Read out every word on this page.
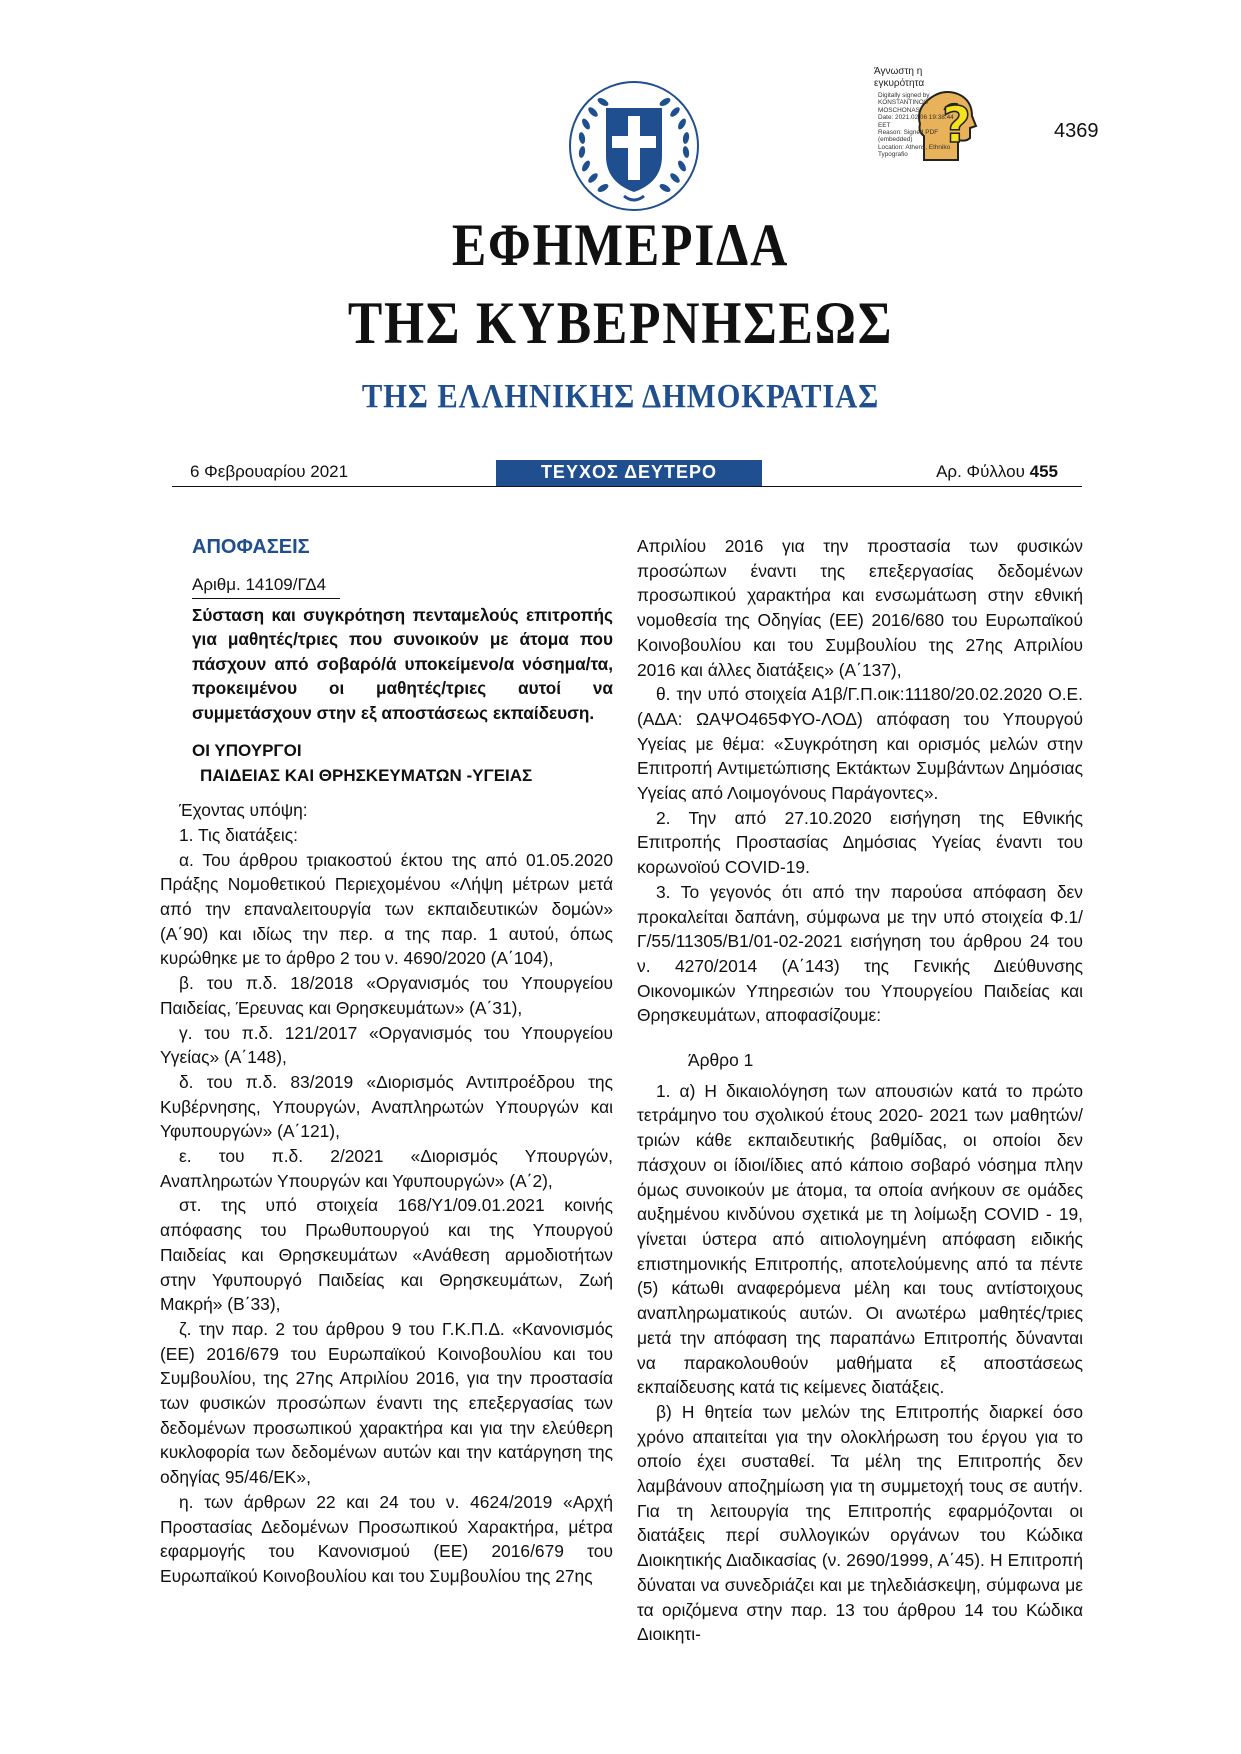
?
Άγνωστη η εγκυρότητα
Digitally signed by
KONSTANTINOS
MOSCHONAS
Date: 2021.02.06 19:38:44
EET
Reason: Signed PDF
(embedded)
Location: Athens, Ethniko
Typografio
4369
ΕΦΗΜΕΡΙΔΑ
ΤΗΣ ΚΥΒΕΡΝΗΣΕΩΣ
ΤΗΣ ΕΛΛΗΝΙΚΗΣ ΔΗΜΟΚΡΑΤΙΑΣ
6 Φεβρουαρίου 2021	ΤΕΥΧΟΣ ΔΕΥΤΕΡΟ	Αρ. Φύλλου 455
ΑΠΟΦΑΣΕΙΣ
Αριθμ. 14109/ΓΔ4
Σύσταση και συγκρότηση πενταμελούς επιτροπής για μαθητές/τριες που συνοικούν με άτομα που πάσχουν από σοβαρό/ά υποκείμενο/α νόσημα/τα, προκειμένου οι μαθητές/τριες αυτοί να συμμετάσχουν στην εξ αποστάσεως εκπαίδευση.
ΟΙ ΥΠΟΥΡΓΟΙ
ΠΑΙΔΕΙΑΣ ΚΑΙ ΘΡΗΣΚΕΥΜΑΤΩΝ -ΥΓΕΙΑΣ

Έχοντας υπόψη:

1. Τις διατάξεις:

α. Του άρθρου τριακοστού έκτου της από 01.05.2020 Πράξης Νομοθετικού Περιεχομένου «Λήψη μέτρων μετά από την επαναλειτουργία των εκπαιδευτικών δομών» (Α΄90) και ιδίως την περ. α της παρ. 1 αυτού, όπως κυρώθηκε με το άρθρο 2 του ν. 4690/2020 (Α΄104),

β. του π.δ. 18/2018 «Οργανισμός του Υπουργείου Παιδείας, Έρευνας και Θρησκευμάτων» (Α΄31),

γ. του π.δ. 121/2017 «Οργανισμός του Υπουργείου Υγείας» (Α΄148),

δ. του π.δ. 83/2019 «Διορισμός Αντιπροέδρου της Κυβέρνησης, Υπουργών, Αναπληρωτών Υπουργών και Υφυπουργών» (Α΄121),

ε. του π.δ. 2/2021 «Διορισμός Υπουργών, Αναπληρωτών Υπουργών και Υφυπουργών» (Α΄2),

στ. της υπό στοιχεία 168/Υ1/09.01.2021 κοινής απόφασης του Πρωθυπουργού και της Υπουργού Παιδείας και Θρησκευμάτων «Ανάθεση αρμοδιοτήτων στην Υφυπουργό Παιδείας και Θρησκευμάτων, Ζωή Μακρή» (Β΄33),

ζ. την παρ. 2 του άρθρου 9 του Γ.Κ.Π.Δ. «Κανονισμός (ΕΕ) 2016/679 του Ευρωπαϊκού Κοινοβουλίου και του Συμβουλίου, της 27ης Απριλίου 2016, για την προστασία των φυσικών προσώπων έναντι της επεξεργασίας των δεδομένων προσωπικού χαρακτήρα και για την ελεύθερη κυκλοφορία των δεδομένων αυτών και την κατάργηση της οδηγίας 95/46/ΕΚ»,

η. των άρθρων 22 και 24 του ν. 4624/2019 «Αρχή Προστασίας Δεδομένων Προσωπικού Χαρακτήρα, μέτρα εφαρμογής του Κανονισμού (ΕΕ) 2016/679 του Ευρωπαϊκού Κοινοβουλίου και του Συμβουλίου της 27ης

Απριλίου 2016 για την προστασία των φυσικών προσώπων έναντι της επεξεργασίας δεδομένων προσωπικού χαρακτήρα και ενσωμάτωση στην εθνική νομοθεσία της Οδηγίας (ΕΕ) 2016/680 του Ευρωπαϊκού Κοινοβουλίου και του Συμβουλίου της 27ης Απριλίου 2016 και άλλες διατάξεις» (Α΄137),

θ. την υπό στοιχεία Α1β/Γ.Π.οικ:11180/20.02.2020 Ο.Ε. (ΑΔΑ: ΩΑΨΟ465ΦΥΟ-ΛΟΔ) απόφαση του Υπουργού Υγείας με θέμα: «Συγκρότηση και ορισμός μελών στην Επιτροπή Αντιμετώπισης Εκτάκτων Συμβάντων Δημόσιας Υγείας από Λοιμογόνους Παράγοντες».

2. Την από 27.10.2020 εισήγηση της Εθνικής Επιτροπής Προστασίας Δημόσιας Υγείας έναντι του κορωνοϊού COVID-19.

3. Το γεγονός ότι από την παρούσα απόφαση δεν προκαλείται δαπάνη, σύμφωνα με την υπό στοιχεία Φ.1/Γ/55/11305/Β1/01-02-2021 εισήγηση του άρθρου 24 του ν. 4270/2014 (Α΄143) της Γενικής Διεύθυνσης Οικονομικών Υπηρεσιών του Υπουργείου Παιδείας και Θρησκευμάτων, αποφασίζουμε:

Άρθρο 1

1. α) Η δικαιολόγηση των απουσιών κατά το πρώτο τετράμηνο του σχολικού έτους 2020- 2021 των μαθητών/τριών κάθε εκπαιδευτικής βαθμίδας, οι οποίοι δεν πάσχουν οι ίδιοι/ίδιες από κάποιο σοβαρό νόσημα πλην όμως συνοικούν με άτομα, τα οποία ανήκουν σε ομάδες αυξημένου κινδύνου σχετικά με τη λοίμωξη COVID - 19, γίνεται ύστερα από αιτιολογημένη απόφαση ειδικής επιστημονικής Επιτροπής, αποτελούμενης από τα πέντε (5) κάτωθι αναφερόμενα μέλη και τους αντίστοιχους αναπληρωματικούς αυτών. Οι ανωτέρω μαθητές/τριες μετά την απόφαση της παραπάνω Επιτροπής δύνανται να παρακολουθούν μαθήματα εξ αποστάσεως εκπαίδευσης κατά τις κείμενες διατάξεις.

β) Η θητεία των μελών της Επιτροπής διαρκεί όσο χρόνο απαιτείται για την ολοκλήρωση του έργου για το οποίο έχει συσταθεί. Τα μέλη της Επιτροπής δεν λαμβάνουν αποζημίωση για τη συμμετοχή τους σε αυτήν. Για τη λειτουργία της Επιτροπής εφαρμόζονται οι διατάξεις περί συλλογικών οργάνων του Κώδικα Διοικητικής Διαδικασίας (ν. 2690/1999, Α΄45). Η Επιτροπή δύναται να συνεδριάζει και με τηλεδιάσκεψη, σύμφωνα με τα οριζόμενα στην παρ. 13 του άρθρου 14 του Κώδικα Διοικητι-
